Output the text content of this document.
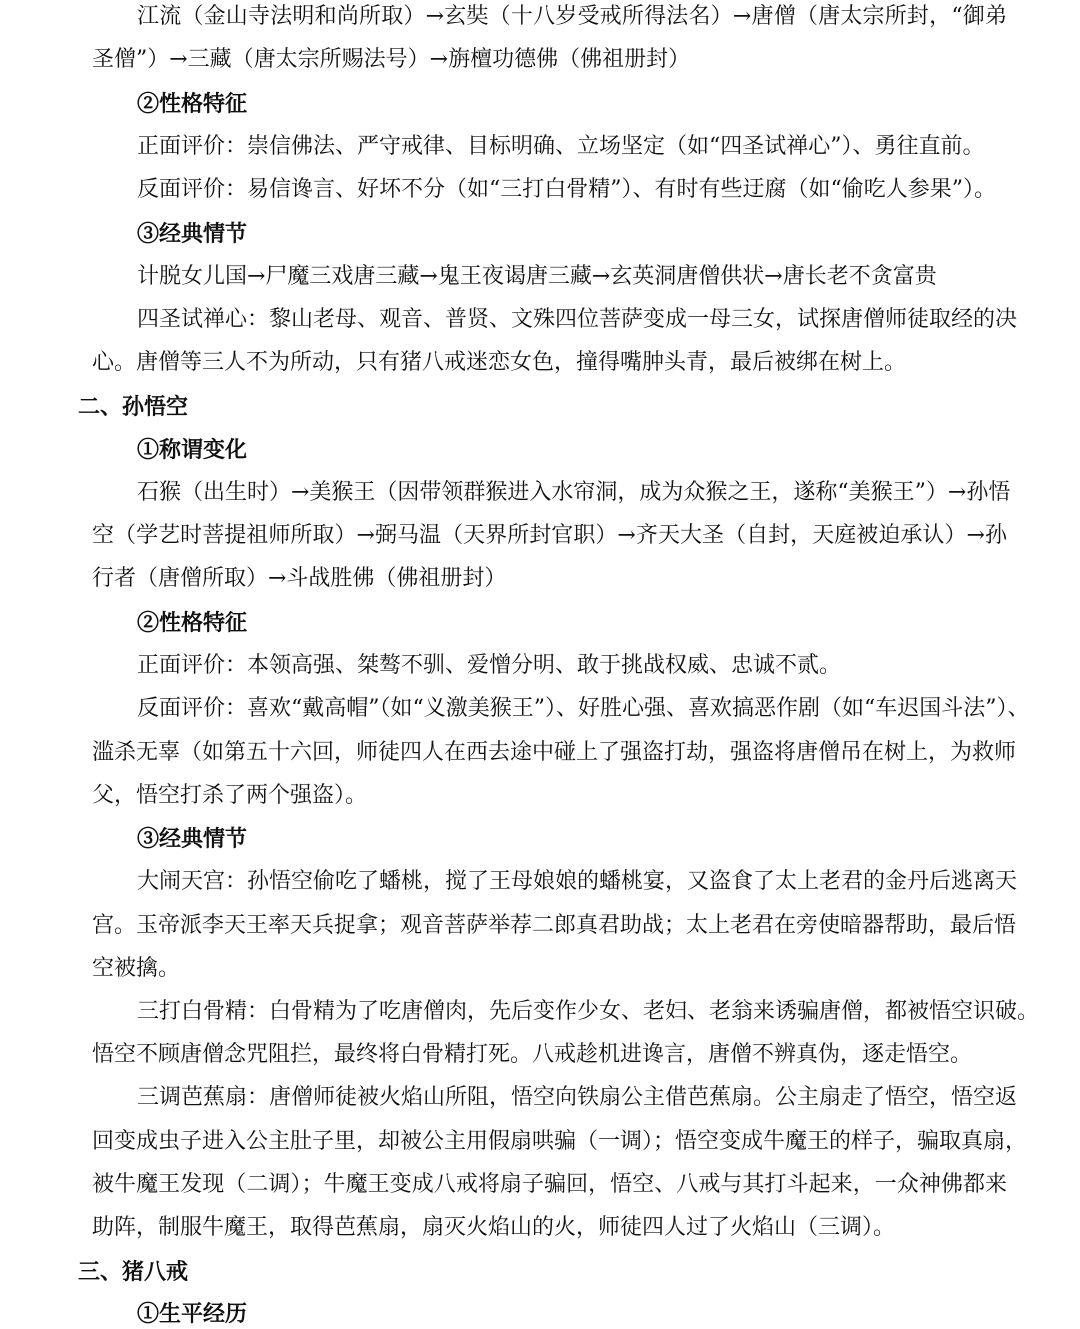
江流（金山寺法明和尚所取）→玄奘（十八岁受戒所得法名）→唐僧（唐太宗所封，“御弟
圣僧”）→三藏（唐太宗所赐法号）→旃檀功德佛（佛祖册封）
②性格特征
正面评价：崇信佛法、严守戒律、目标明确、立场坚定（如“四圣试禅心”）、勇往直前。
反面评价：易信谗言、好坏不分（如“三打白骨精”）、有时有些迂腐（如“偷吃人参果”）。
③经典情节
计脱女儿国→尸魔三戏唐三藏→鬼王夜谒唐三藏→玄英洞唐僧供状→唐长老不贪富贵
四圣试禅心：黎山老母、观音、普贤、文殊四位菩萨变成一母三女，试探唐僧师徒取经的决
心。唐僧等三人不为所动，只有猪八戒迷恋女色，撞得嘴肿头青，最后被绑在树上。
二、孙悟空
①称谓变化
石猴（出生时）→美猴王（因带领群猴进入水帘洞，成为众猴之王，遂称“美猴王”）→孙悟
空（学艺时菩提祖师所取）→弼马温（天界所封官职）→齐天大圣（自封，天庭被迫承认）→孙
行者（唐僧所取）→斗战胜佛（佛祖册封）
②性格特征
正面评价：本领高强、桀骜不驯、爱憎分明、敢于挑战权威、忠诚不贰。
反面评价：喜欢“戴高帽”（如“义激美猴王”）、好胜心强、喜欢搞恶作剧（如“车迟国斗法”）、
滥杀无辜（如第五十六回，师徒四人在西去途中碰上了强盗打劫，强盗将唐僧吊在树上，为救师
父，悟空打杀了两个强盗）。
③经典情节
大闹天宫：孙悟空偷吃了蟠桃，搅了王母娘娘的蟠桃宴，又盗食了太上老君的金丹后逃离天
宫。玉帝派李天王率天兵捉拿；观音菩萨举荐二郎真君助战；太上老君在旁使暗器帮助，最后悟
空被擒。
三打白骨精：白骨精为了吃唐僧肉，先后变作少女、老妇、老翁来诱骗唐僧，都被悟空识破。
悟空不顾唐僧念咒阻拦，最终将白骨精打死。八戒趁机进谗言，唐僧不辨真伪，逐走悟空。
三调芭蕉扇：唐僧师徒被火焰山所阻，悟空向铁扇公主借芭蕉扇。公主扇走了悟空，悟空返
回变成虫子进入公主肚子里，却被公主用假扇哄骗（一调）；悟空变成牛魔王的样子，骗取真扇，
被牛魔王发现（二调）；牛魔王变成八戒将扇子骗回，悟空、八戒与其打斗起来，一众神佛都来
助阵，制服牛魔王，取得芭蕉扇，扇灭火焰山的火，师徒四人过了火焰山（三调）。
三、猪八戒
①生平经历
